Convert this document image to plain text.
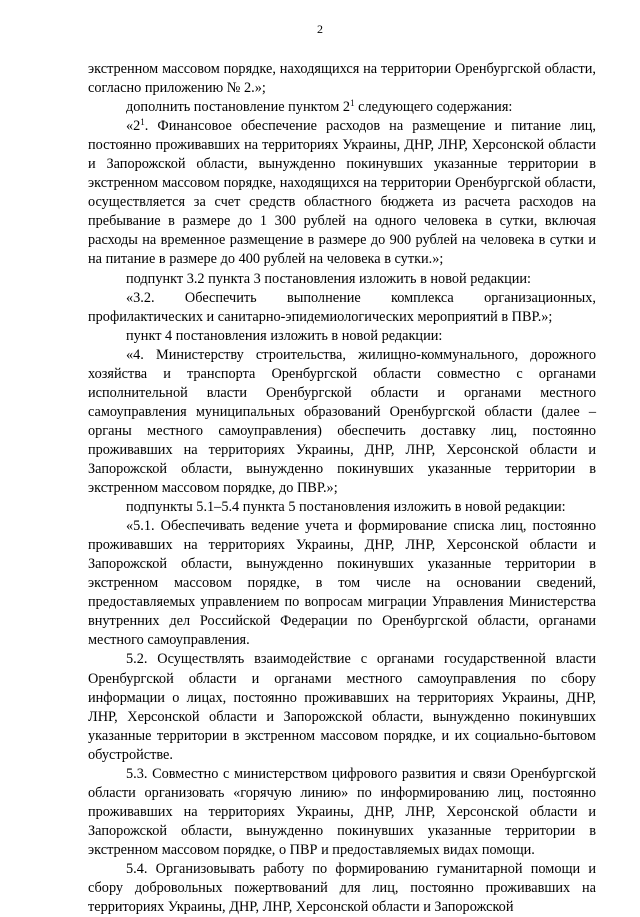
2

экстренном массовом порядке, находящихся на территории Оренбургской области, согласно приложению № 2.»;

дополнить постановление пунктом $2^1$ следующего содержания:

«$2^1$. Финансовое обеспечение расходов на размещение и питание лиц, постоянно проживавших на территориях Украины, ДНР, ЛНР, Херсонской области и Запорожской области, вынужденно покинувших указанные территории в экстренном массовом порядке, находящихся на территории Оренбургской области, осуществляется за счет средств областного бюджета из расчета расходов на пребывание в размере до 1 300 рублей на одного человека в сутки, включая расходы на временное размещение в размере до 900 рублей на человека в сутки и на питание в размере до 400 рублей на человека в сутки.»;

подпункт 3.2 пункта 3 постановления изложить в новой редакции:

«3.2. Обеспечить выполнение комплекса организационных, профилактических и санитарно-эпидемиологических мероприятий в ПВР.»;

пункт 4 постановления изложить в новой редакции:

«4. Министерству строительства, жилищно-коммунального, дорожного хозяйства и транспорта Оренбургской области совместно с органами исполнительной власти Оренбургской области и органами местного самоуправления муниципальных образований Оренбургской области (далее – органы местного самоуправления) обеспечить доставку лиц, постоянно проживавших на территориях Украины, ДНР, ЛНР, Херсонской области и Запорожской области, вынужденно покинувших указанные территории в экстренном массовом порядке, до ПВР.»;

подпункты 5.1–5.4 пункта 5 постановления изложить в новой редакции:

«5.1. Обеспечивать ведение учета и формирование списка лиц, постоянно проживавших на территориях Украины, ДНР, ЛНР, Херсонской области и Запорожской области, вынужденно покинувших указанные территории в экстренном массовом порядке, в том числе на основании сведений, предоставляемых управлением по вопросам миграции Управления Министерства внутренних дел Российской Федерации по Оренбургской области, органами местного самоуправления.

5.2. Осуществлять взаимодействие с органами государственной власти Оренбургской области и органами местного самоуправления по сбору информации о лицах, постоянно проживавших на территориях Украины, ДНР, ЛНР, Херсонской области и Запорожской области, вынужденно покинувших указанные территории в экстренном массовом порядке, и их социально-бытовом обустройстве.

5.3. Совместно с министерством цифрового развития и связи Оренбургской области организовать «горячую линию» по информированию лиц, постоянно проживавших на территориях Украины, ДНР, ЛНР, Херсонской области и Запорожской области, вынужденно покинувших указанные территории в экстренном массовом порядке, о ПВР и предоставляемых видах помощи.

5.4. Организовывать работу по формированию гуманитарной помощи и сбору добровольных пожертвований для лиц, постоянно проживавших на территориях Украины, ДНР, ЛНР, Херсонской области и Запорожской
